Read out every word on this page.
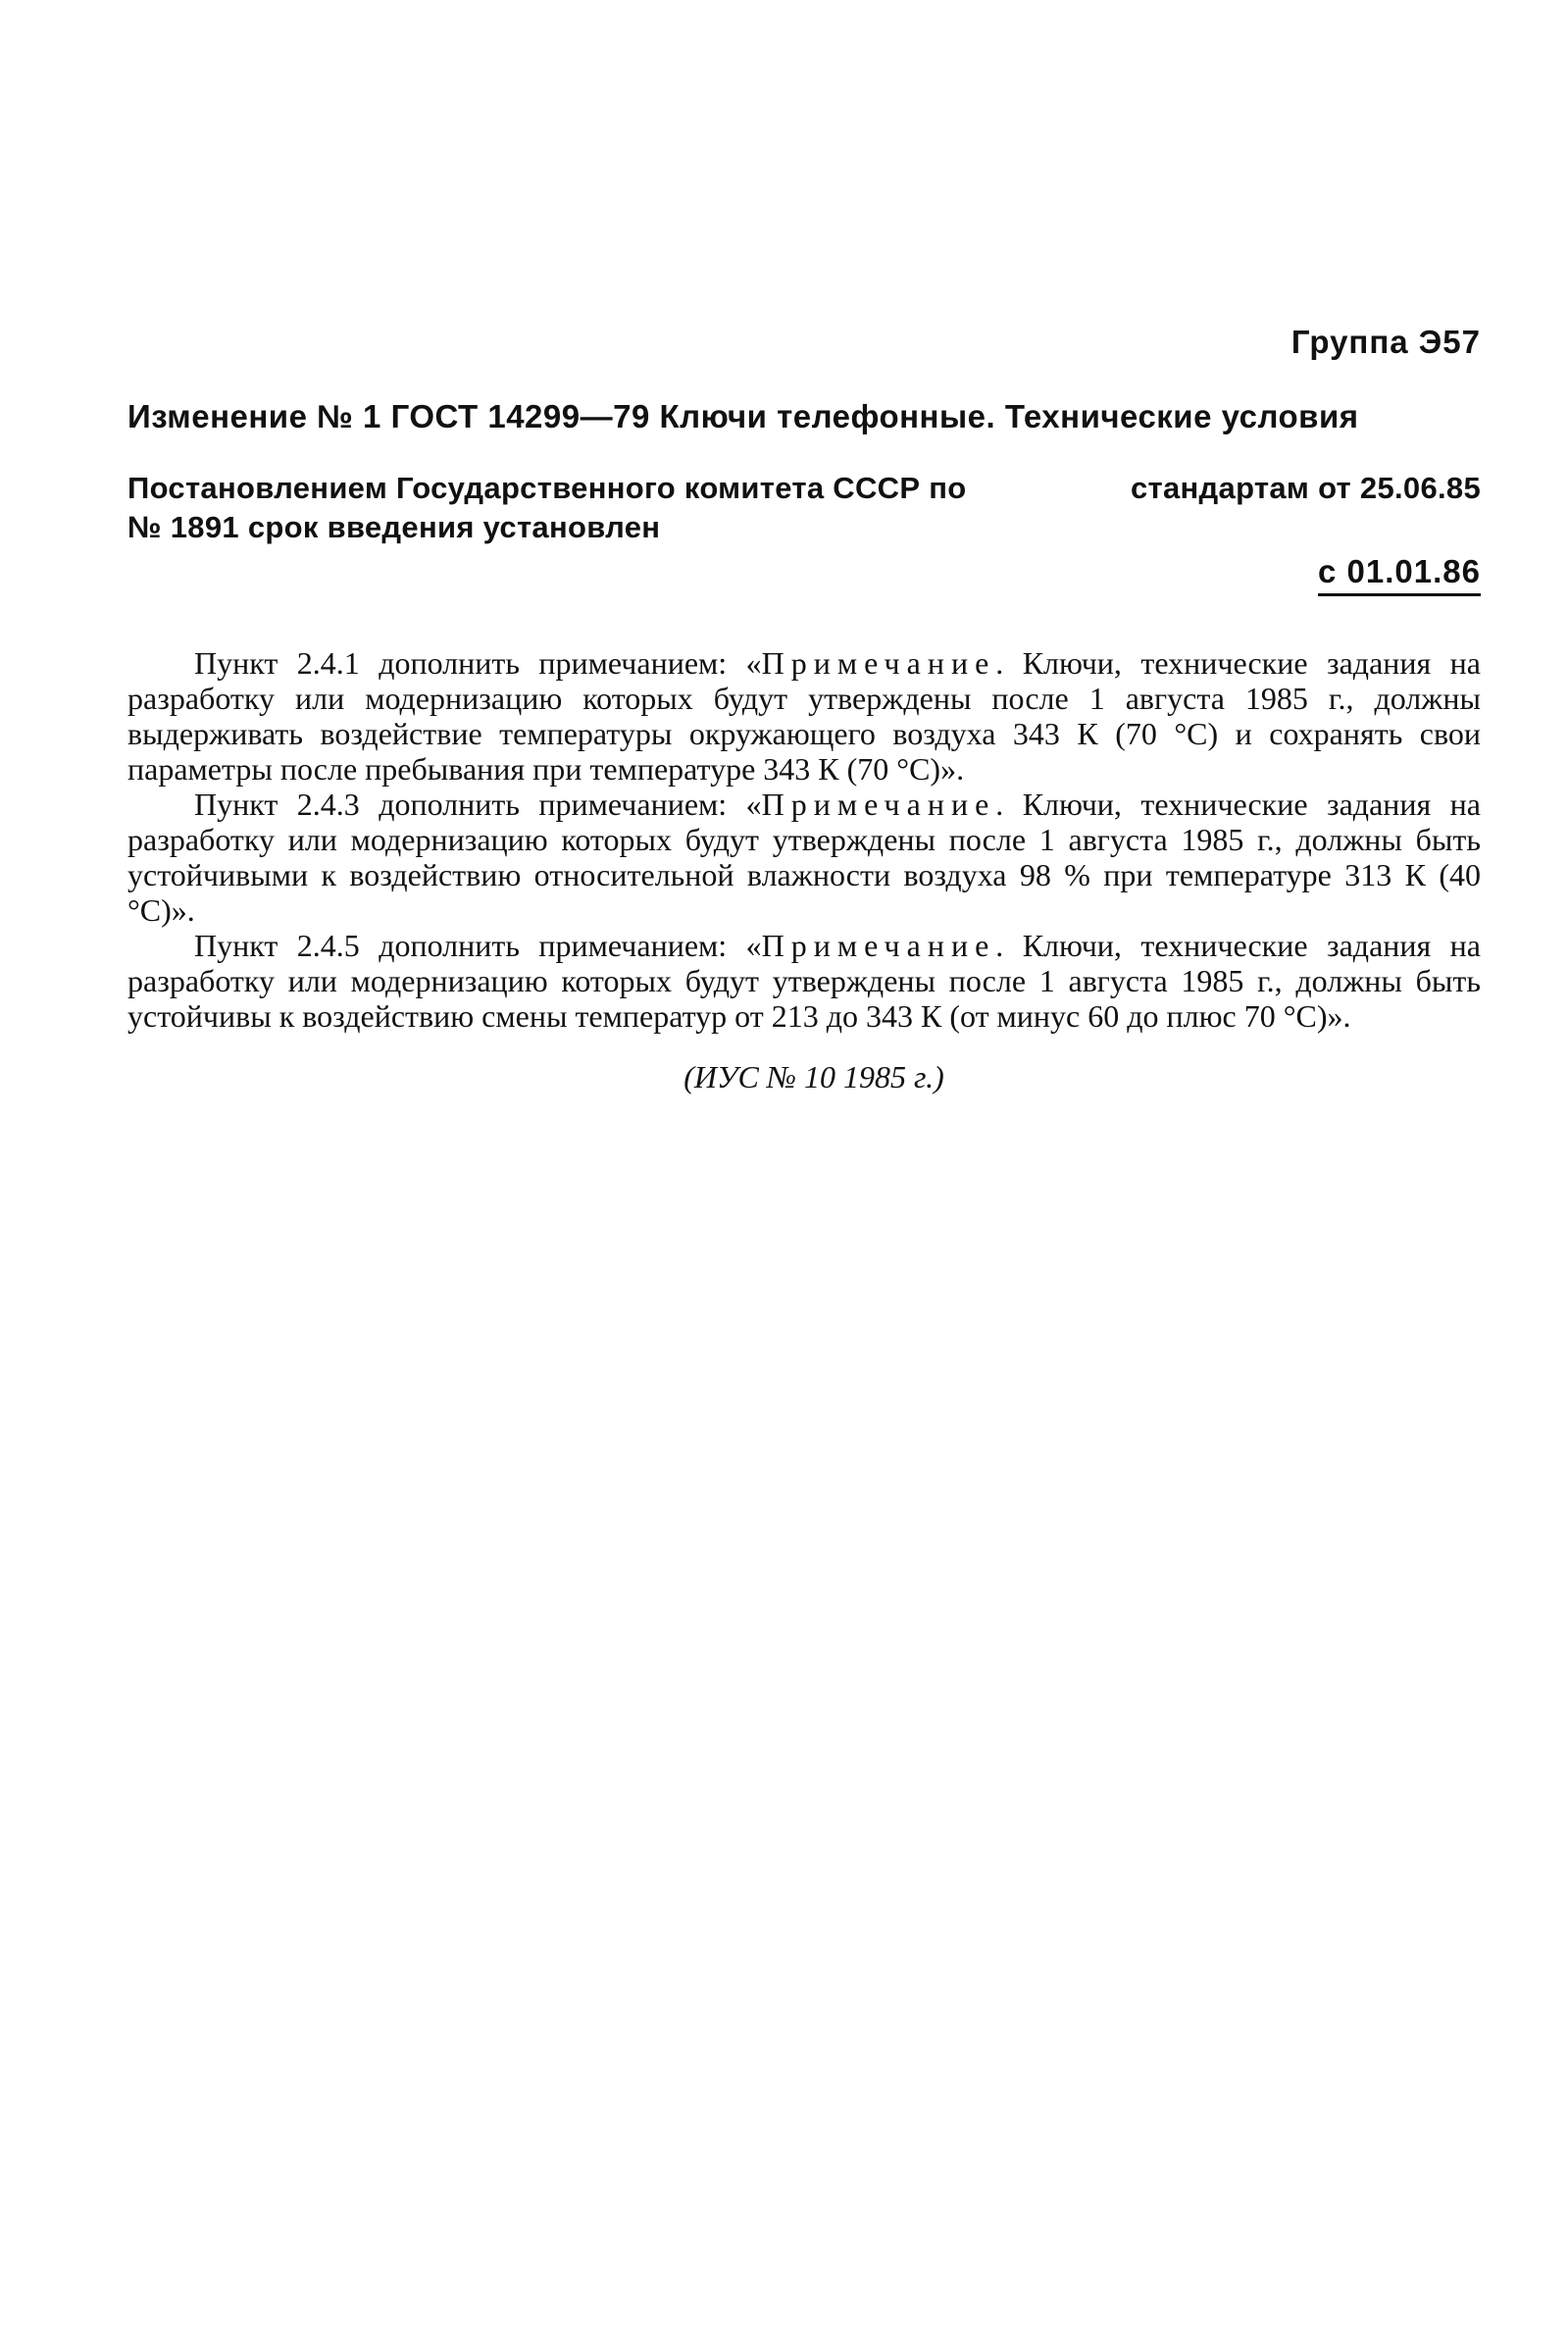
Группа Э57
Изменение № 1 ГОСТ 14299—79 Ключи телефонные. Технические условия
Постановлением Государственного комитета СССР по	стандартам от 25.06.85
№ 1891 срок введения установлен
с 01.01.86

Пункт 2.4.1 дополнить примечанием: «Примечание. Ключи, технические задания на разработку или модернизацию которых будут утверждены после 1 августа 1985 г., должны выдерживать воздействие температуры окружающего воздуха 343 К (70 °С) и сохранять свои параметры после пребывания при температуре 343 К (70 °С)».

Пункт 2.4.3 дополнить примечанием: «Примечание. Ключи, технические задания на разработку или модернизацию которых будут утверждены после 1 августа 1985 г., должны быть устойчивыми к воздействию относительной влажности воздуха 98 % при температуре 313 К (40 °С)».

Пункт 2.4.5 дополнить примечанием: «Примечание. Ключи, технические задания на разработку или модернизацию которых будут утверждены после 1 августа 1985 г., должны быть устойчивы к воздействию смены температур от 213 до 343 К (от минус 60 до плюс 70 °С)».

(ИУС № 10 1985 г.)
